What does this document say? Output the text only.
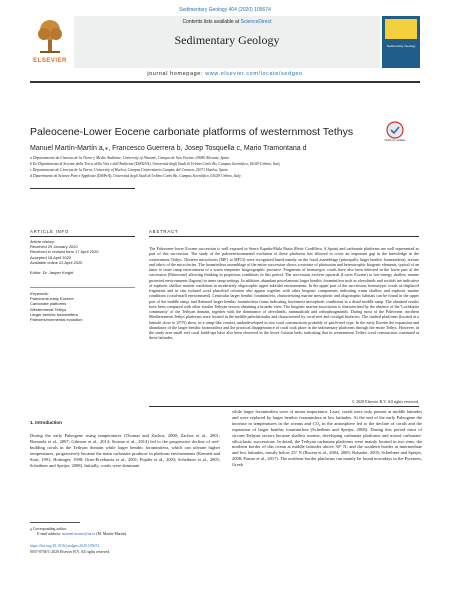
Sedimentary Geology 404 (2020) 105674
ELSEVIER
Contents lists available at ScienceDirect
Sedimentary Geology	Sedimentary Geology
journal homepage: www.elsevier.com/locate/sedgeo
Paleocene-Lower Eocene carbonate platforms of westernmost Tethys
Check for updates
Manuel Martín-Martín a,⁎, Francesco Guerrera b, Josep Tosquella c, Mario Tramontana d
a Departamento de Ciencias de la Tierra y Medio Ambiente, University of Alicante, Campus de San Vicente, 03080 Alicante, Spain
b Ex-Dipartimento di Scienze della Terra, della Vita e dell'Ambiente (DiSTeVA), Università degli Studi di Urbino Carlo Bo, Campus Scientifico, 61029 Urbino, Italy
c Departamento de Ciencias de la Tierra, University of Huelva, Campus Universitario Campus del Carmen, 21071 Huelva, Spain
d Dipartimento di Scienze Pure e Applicate (DiSPeA), Università degli Studi di Urbino Carlo Bo, Campus Scientifico, 61029 Urbino, Italy
ARTICLE INFO
Article history:
Received 29 January 2020
Received in revised form 17 April 2020
Accepted 18 April 2020
Available online 22 April 2020
Editor: Dr. Jasper Knight
Keywords:
Paleocene-early Eocene
Carbonate platforms
Westernmost Tethys
Larger benthic foraminifera
Paleoenvironmental evolution
ABSTRACT
The Paleocene-lower Eocene succession is well exposed in Sierra Espuña-Mula Basin (Betic Cordillera, S Spain) and carbonate platforms are well represented as part of this succession. The study of the paleoenvironmental evolution of these platforms has allowed to cover an important gap in the knowledge in the westernmost Tethys. Thirteen microfacies (MF1 to MF13) were recognized based mainly on the fossil assemblage (principally larger benthic foraminifera), texture and fabric of the microfacies. The foraminifera assemblage of the entire succession shows a mixture of photozoan and heterotrophic biogenic elements, typical of an inner to outer ramp environment of a warm temperate biogeographic province. Fragments of hermatypic corals have also been detected in the lower part of the succession (Paleocene) allowing thinking in propitious conditions in this period. The succession evolves upwards (Lower Eocene) to low-energy shallow marine protected environments (lagoon) in inner ramp settings. In addition, abundant porcelaneous larger benthic foraminifera such as alveolinids and soritids are indicative of euphotic shallow marine conditions in moderately oligotrophic upper subtidal environments. In the upper part of the succession, hermatypic corals as displaced fragments and in situ isolated coral phaceloid colonies also appear together with other biogenic components indicating warm shallow and euphotic marine conditions (coral-marll environment). Lenticular larger benthic foraminifera, characterizing marine mesophotic and oligotrophic habitats can be found in the upper part of the middle ramp, and flattened larger benthic foraminifera forms indicating lowermost mesophotic conditions in a distal middle ramp. The obtained results have been compared with other similar Tethyan sectors obtaining a broader view. The biogenic marine association is characterized by the absence of the 'Lochkartia community' of the Tethyan domain, together with the dominance of alveolinids, nummulitids and orthophragminids. During most of the Paleocene, northern Mediterranean Tethys platforms were located in the middle paleolatitudes and characterized by coral-reef and coralgal biofacies. The studied platforms (located at a latitude close to 25°N) show, in a ramp-like context, underdeveloped in situ coral constructions probably of patch-reef type. In the early Eocene the expansion and abundance of the larger benthic foraminifera and the practical disappearance of coral took place in the sedimentary platforms through the entire Tethys. However, in the study area small reef coral build-ups have also been observed in the lower Cuisian beds, indicating that in westernmost Tethys coral construction continued at these latitudes.
© 2020 Elsevier B.V. All rights reserved.
1. Introduction
During the early Paleogene rising temperatures (Thomas and Zachos, 2000; Zachos et al., 2001; Bernaola et al., 2007; Gilmour et al., 2014; Storme et al., 2014) led to the progressive decline of reef-building corals in the Tethyan domain while larger benthic foraminifera, which can tolerate higher temperatures, progressively became the main carbonate producer in platform environments (Kennett and Stott, 1991; Hottinger, 1998; Orue-Etxebarria et al., 2001; Pujalte et al., 2003; Scheibner et al., 2005; Scheibner and Speijer, 2008). Initially, corals were dominant
while larger foraminifera were of minor importance. Later, corals were only present at middle latitudes and were replaced by larger benthic foraminifera at low latitudes. At the end of the early Paleogene the increase in temperatures in the oceans and CO₂ in the atmosphere led to the decline of corals and the expansion of larger benthic foraminifera (Scheibner and Speijer, 2008). During this period most of circum-Tethyan sectors became shallow marine, developing carbonate platforms and mixed carbonate-siliciclastic successions. In detail, the Tethyan carbonate platforms were mainly located in two rims: the northern border of this ocean at middle latitudes above 30° N; and the southern border at intermediate and low latitudes, mostly below 25° N (Baceta et al., 2004, 2005; Robador, 2005; Scheibner and Speijer, 2008; Pomar et al., 2017). The northern border platforms can mainly be found nowadays in the Pyrenees, Greek
⁎ Corresponding author.
E-mail address: manuel.martin@ua.es (M. Martín-Martín).
https://doi.org/10.1016/j.sedgeo.2020.105674
0037-0738/© 2020 Elsevier B.V. All rights reserved.
